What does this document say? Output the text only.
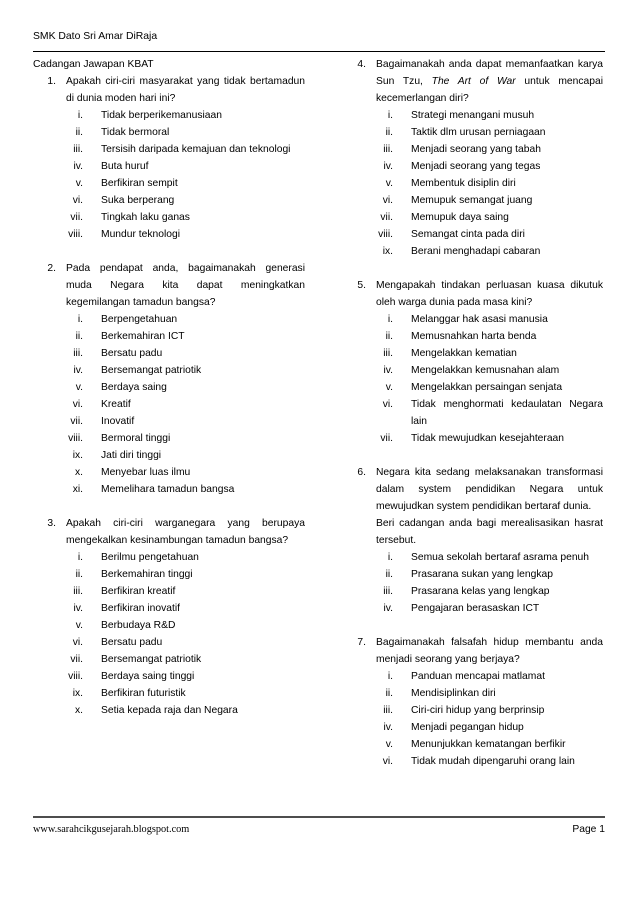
SMK Dato Sri Amar DiRaja
Cadangan Jawapan KBAT
1. Apakah ciri-ciri masyarakat yang tidak bertamadun di dunia moden hari ini?
i.	Tidak berperikemanusiaan
ii.	Tidak bermoral
iii.	Tersisih daripada kemajuan dan teknologi
iv.	Buta huruf
v.	Berfikiran sempit
vi.	Suka berperang
vii.	Tingkah laku ganas
viii.	Mundur teknologi
2. Pada pendapat anda, bagaimanakah generasi muda Negara kita dapat meningkatkan kegemilangan tamadun bangsa?
i.	Berpengetahuan
ii.	Berkemahiran ICT
iii.	Bersatu padu
iv.	Bersemangat patriotik
v.	Berdaya saing
vi.	Kreatif
vii.	Inovatif
viii.	Bermoral tinggi
ix.	Jati diri tinggi
x.	Menyebar luas ilmu
xi.	Memelihara tamadun bangsa
3. Apakah ciri-ciri warganegara yang berupaya mengekalkan kesinambungan tamadun bangsa?
i.	Berilmu pengetahuan
ii.	Berkemahiran tinggi
iii.	Berfikiran kreatif
iv.	Berfikiran inovatif
v.	Berbudaya R&D
vi.	Bersatu padu
vii.	Bersemangat patriotik
viii.	Berdaya saing tinggi
ix.	Berfikiran futuristik
x.	Setia kepada raja dan Negara
4. Bagaimanakah anda dapat memanfaatkan karya Sun Tzu, The Art of War untuk mencapai kecemerlangan diri?
i.	Strategi menangani musuh
ii.	Taktik dlm urusan perniagaan
iii.	Menjadi seorang yang tabah
iv.	Menjadi seorang yang tegas
v.	Membentuk disiplin diri
vi.	Memupuk semangat juang
vii.	Memupuk daya saing
viii.	Semangat cinta pada diri
ix.	Berani menghadapi cabaran
5. Mengapakah tindakan perluasan kuasa dikutuk oleh warga dunia pada masa kini?
i.	Melanggar hak asasi manusia
ii.	Memusnahkan harta benda
iii.	Mengelakkan kematian
iv.	Mengelakkan kemusnahan alam
v.	Mengelakkan persaingan senjata
vi.	Tidak menghormati kedaulatan Negara lain
vii.	Tidak mewujudkan kesejahteraan
6. Negara kita sedang melaksanakan transformasi dalam system pendidikan Negara untuk mewujudkan system pendidikan bertaraf dunia.
Beri cadangan anda bagi merealisasikan hasrat tersebut.
i.	Semua sekolah bertaraf asrama penuh
ii.	Prasarana sukan yang lengkap
iii.	Prasarana kelas yang lengkap
iv.	Pengajaran berasaskan ICT
7. Bagaimanakah falsafah hidup membantu anda menjadi seorang yang berjaya?
i.	Panduan mencapai matlamat
ii.	Mendisiplinkan diri
iii.	Ciri-ciri hidup yang berprinsip
iv.	Menjadi pegangan hidup
v.	Menunjukkan kematangan berfikir
vi.	Tidak mudah dipengaruhi orang lain
www.sarahcikgusejarah.blogspot.com	Page 1
